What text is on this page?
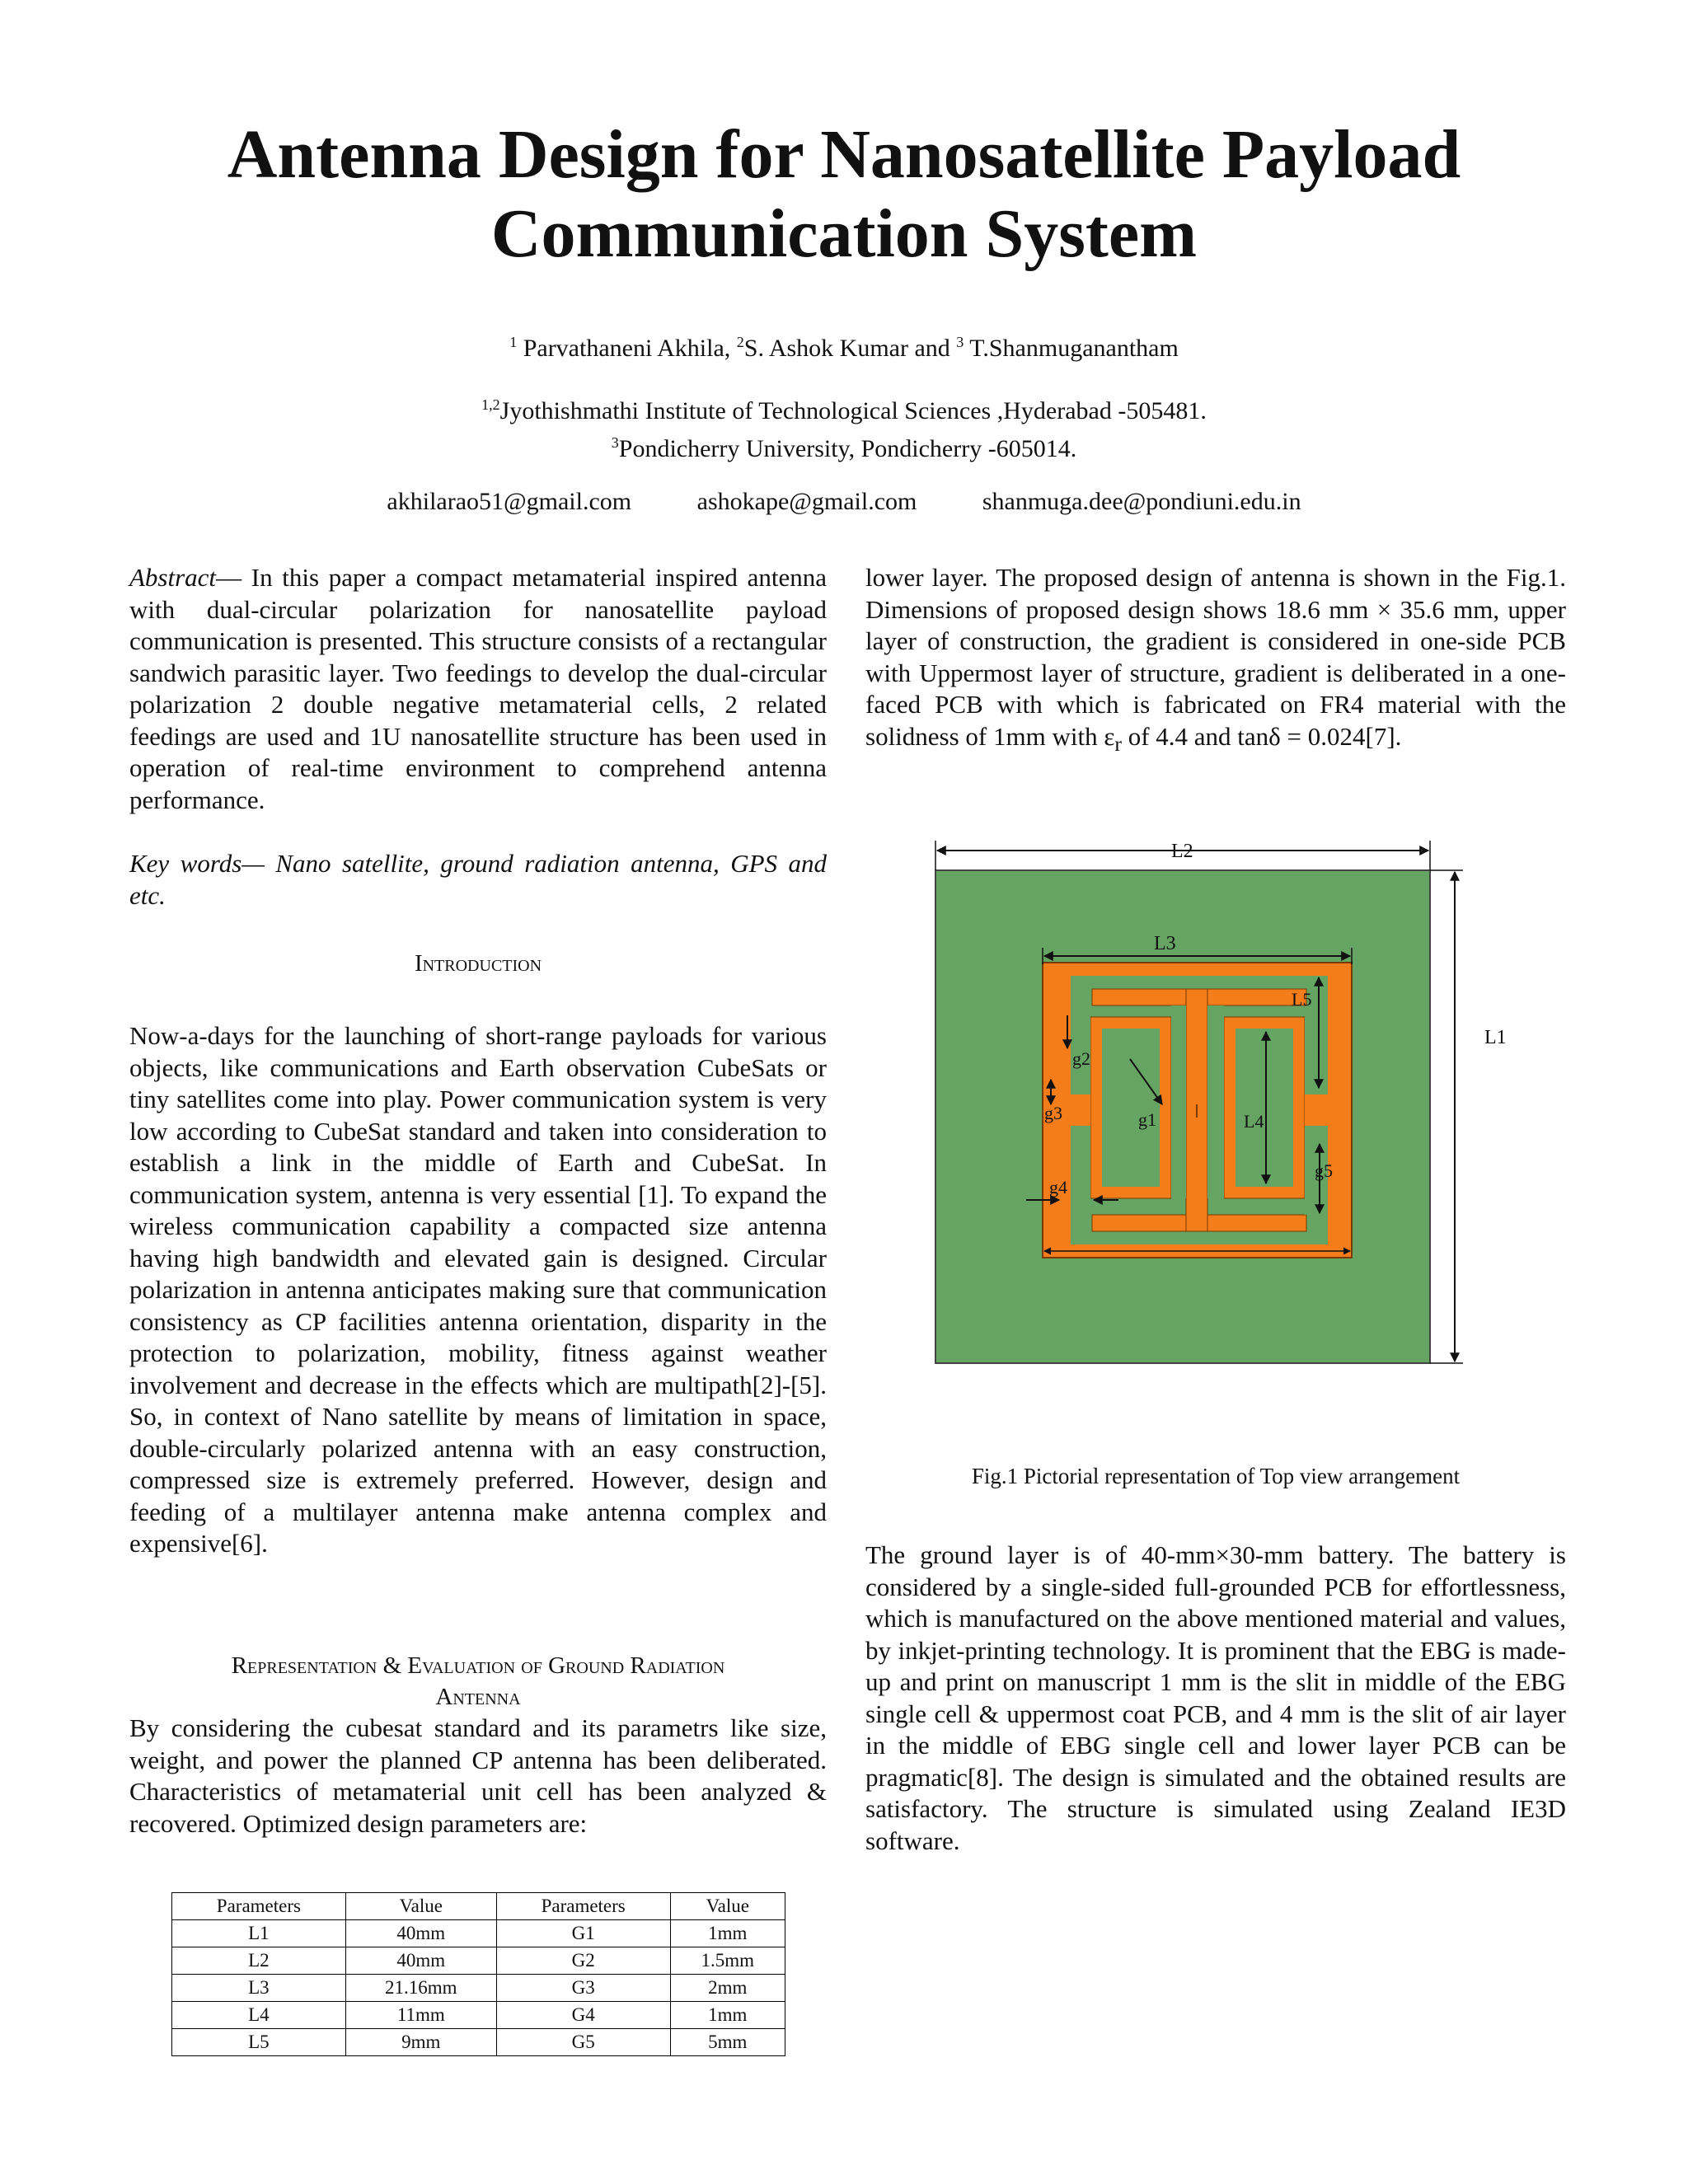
Antenna Design for Nanosatellite Payload
Communication System
$^1$ Parvathaneni Akhila, $^2$S. Ashok Kumar and $^3$ T.Shanmuganantham
$^{1,2}$Jyothishmathi Institute of Technological Sciences ,Hyderabad -505481.
$^3$Pondicherry University, Pondicherry -605014.
akhilarao51@gmail.com	ashokape@gmail.com	shanmuga.dee@pondiuni.edu.in

Abstract— In this paper a compact metamaterial inspired antenna with dual-circular polarization for nanosatellite payload communication is presented. This structure consists of a rectangular sandwich parasitic layer. Two feedings to develop the dual-circular polarization 2 double negative metamaterial cells, 2 related feedings are used and 1U nanosatellite structure has been used in operation of real-time environment to comprehend antenna performance.

Key words— Nano satellite, ground radiation antenna, GPS and etc.

Introduction

Now-a-days for the launching of short-range payloads for various objects, like communications and Earth observation CubeSats or tiny satellites come into play. Power communication system is very low according to CubeSat standard and taken into consideration to establish a link in the middle of Earth and CubeSat. In communication system, antenna is very essential [1]. To expand the wireless communication capability a compacted size antenna having high bandwidth and elevated gain is designed. Circular polarization in antenna anticipates making sure that communication consistency as CP facilities antenna orientation, disparity in the protection to polarization, mobility, fitness against weather involvement and decrease in the effects which are multipath[2]-[5]. So, in context of Nano satellite by means of limitation in space, double-circularly polarized antenna with an easy construction, compressed size is extremely preferred. However, design and feeding of a multilayer antenna make antenna complex and expensive[6].

Representation & Evaluation of Ground Radiation
Antenna

By considering the cubesat standard and its parametrs like size, weight, and power the planned CP antenna has been deliberated. Characteristics of metamaterial unit cell has been analyzed & recovered. Optimized design parameters are:

Parameters	Value	Parameters	Value
L1	40mm	G1	1mm
L2	40mm	G2	1.5mm
L3	21.16mm	G3	2mm
L4	11mm	G4	1mm
L5	9mm	G5	5mm

lower layer. The proposed design of antenna is shown in the Fig.1. Dimensions of proposed design shows 18.6 mm × 35.6 mm, upper layer of construction, the gradient is considered in one-side PCB with Uppermost layer of structure, gradient is deliberated in a one-faced PCB with which is fabricated on FR4 material with the solidness of 1mm with $\varepsilon_r$ of 4.4 and tanδ = 0.024[7].

L2
L1
L3
L5
L4
g2
g3	g1
g4
g5
Fig.1 Pictorial representation of Top view arrangement

The ground layer is of 40-mm×30-mm battery. The battery is considered by a single-sided full-grounded PCB for effortlessness, which is manufactured on the above mentioned material and values, by inkjet-printing technology. It is prominent that the EBG is made-up and print on manuscript 1 mm is the slit in middle of the EBG single cell & uppermost coat PCB, and 4 mm is the slit of air layer in the middle of EBG single cell and lower layer PCB can be pragmatic[8]. The design is simulated and the obtained results are satisfactory. The structure is simulated using Zealand IE3D software.
